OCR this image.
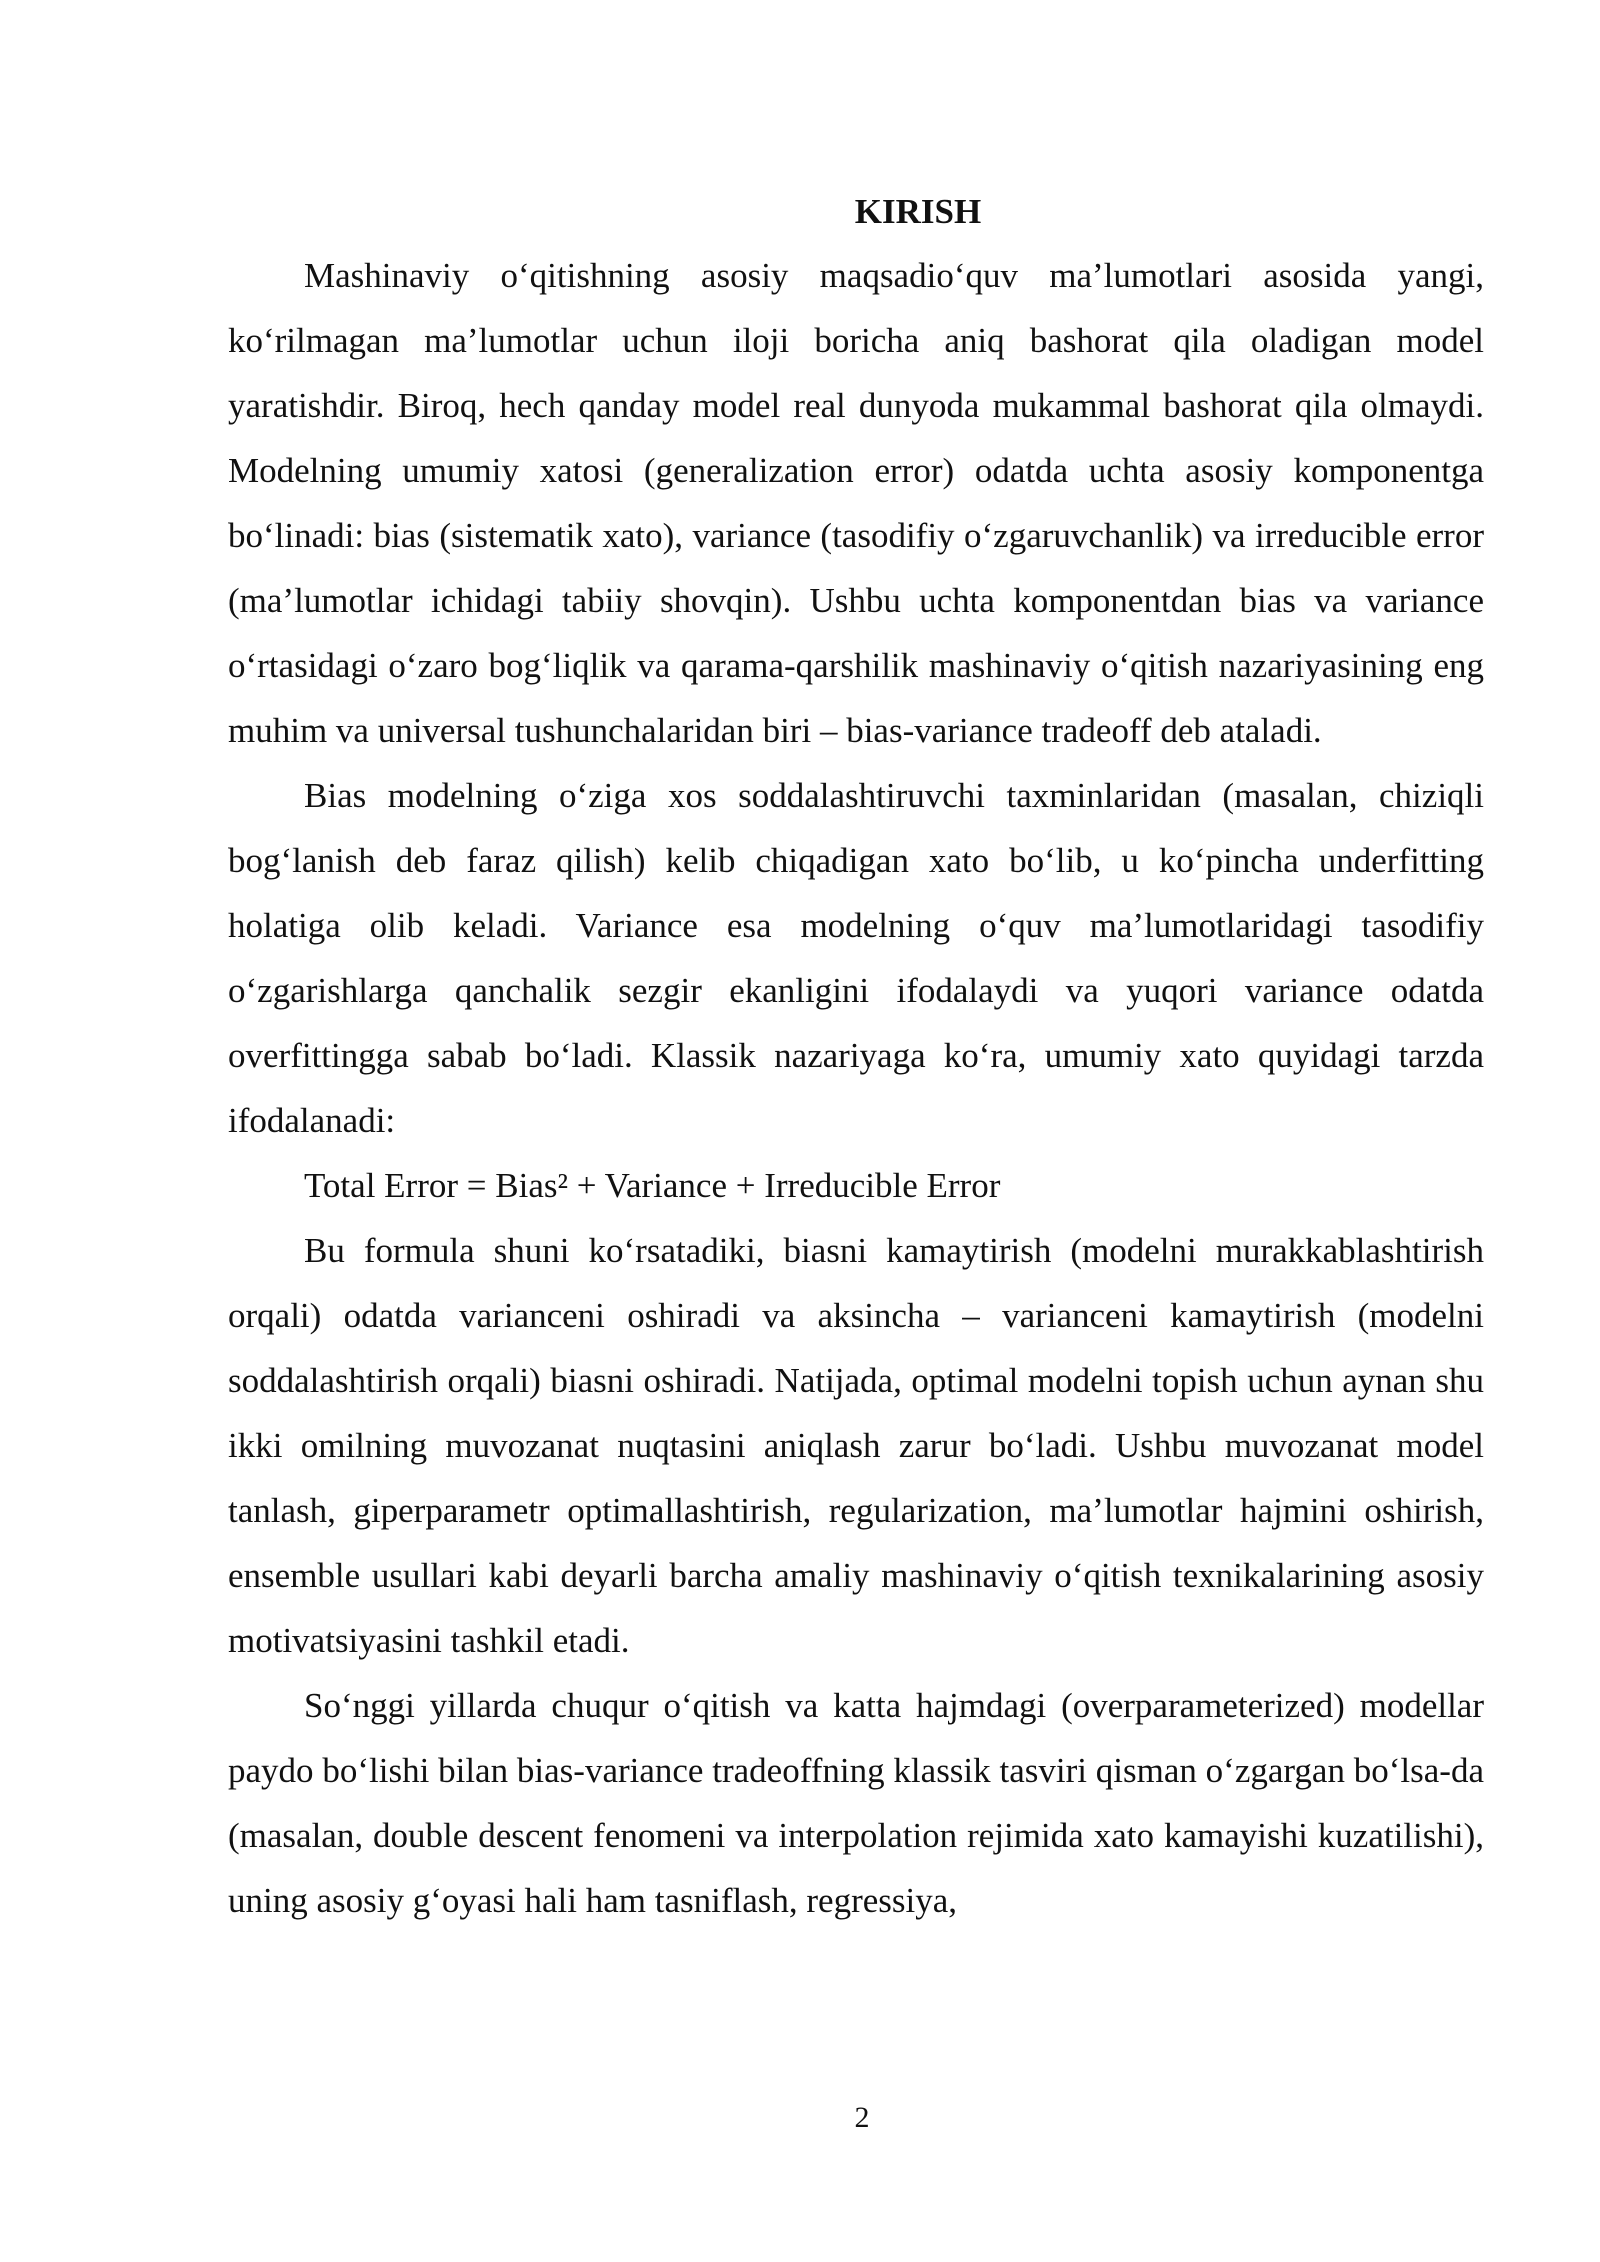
KIRISH

Mashinaviy o‘qitishning asosiy maqsadio‘quv ma’lumotlari asosida yangi, ko‘rilmagan ma’lumotlar uchun iloji boricha aniq bashorat qila oladigan model yaratishdir. Biroq, hech qanday model real dunyoda mukammal bashorat qila olmaydi. Modelning umumiy xatosi (generalization error) odatda uchta asosiy komponentga bo‘linadi: bias (sistematik xato), variance (tasodifiy o‘zgaruvchanlik) va irreducible error (ma’lumotlar ichidagi tabiiy shovqin). Ushbu uchta komponentdan bias va variance o‘rtasidagi o‘zaro bog‘liqlik va qarama-qarshilik mashinaviy o‘qitish nazariyasining eng muhim va universal tushunchalaridan biri – bias-variance tradeoff deb ataladi.

Bias modelning o‘ziga xos soddalashtiruvchi taxminlaridan (masalan, chiziqli bog‘lanish deb faraz qilish) kelib chiqadigan xato bo‘lib, u ko‘pincha underfitting holatiga olib keladi. Variance esa modelning o‘quv ma’lumotlaridagi tasodifiy o‘zgarishlarga qanchalik sezgir ekanligini ifodalaydi va yuqori variance odatda overfittingga sabab bo‘ladi. Klassik nazariyaga ko‘ra, umumiy xato quyidagi tarzda ifodalanadi:

Total Error = Bias² + Variance + Irreducible Error

Bu formula shuni ko‘rsatadiki, biasni kamaytirish (modelni murakkablashtirish orqali) odatda varianceni oshiradi va aksincha – varianceni kamaytirish (modelni soddalashtirish orqali) biasni oshiradi. Natijada, optimal modelni topish uchun aynan shu ikki omilning muvozanat nuqtasini aniqlash zarur bo‘ladi. Ushbu muvozanat model tanlash, giperparametr optimallashtirish, regularization, ma’lumotlar hajmini oshirish, ensemble usullari kabi deyarli barcha amaliy mashinaviy o‘qitish texnikalarining asosiy motivatsiyasini tashkil etadi.

So‘nggi yillarda chuqur o‘qitish va katta hajmdagi (overparameterized) modellar paydo bo‘lishi bilan bias-variance tradeoffning klassik tasviri qisman o‘zgargan bo‘lsa-da (masalan, double descent fenomeni va interpolation rejimida xato kamayishi kuzatilishi), uning asosiy g‘oyasi hali ham tasniflash, regressiya,

2
